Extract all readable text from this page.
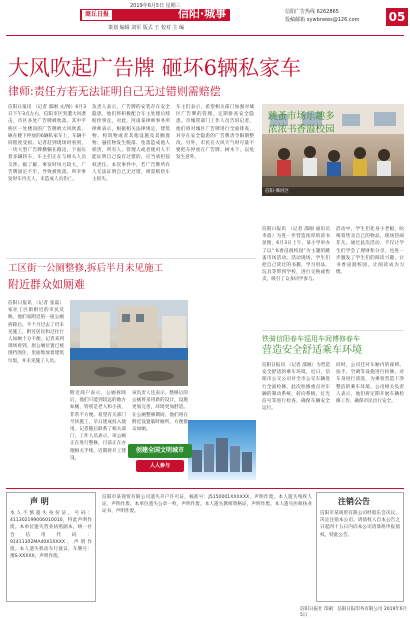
2019年6月5日 星期三
商丘日报	信阳·城事
策划 编辑 刘军 版式 王 校对 主 编
信阳广告热线 6262865
投稿邮箱 xywbnews@126.com 05
大风吹起广告牌 砸坏6辆私家车
律师:责任方若无法证明自己无过错则需赔偿
信阳日报讯 （记者 邵刚 文/图）6月3日下午3点左右，信阳市区突遭大风袭击，市区多处广告牌被吹落。其中平桥区一处楼顶的广告牌被大风吹落，砸在楼下停放的6辆私家车上，车辆不同程度受损。记者赶到现场时看到，一块大型广告牌横躺在路边，下面压着多辆轿车，车主们正在与相关人员交涉。据了解，事发时风力较大，广告牌固定不牢，导致被吹落。所幸事发时车内无人，未造成人员伤亡。
负责人表示，广告牌的安装存在安全隐患，他们将积极配合车主处理后续赔偿事宜。对此，河南某律师事务所律师表示，根据相关法律规定，建筑物、构筑物或者其他设施及其搁置物、悬挂物发生脱落、坠落造成他人损害，所有人、管理人或者使用人不能证明自己没有过错的，应当承担侵权责任。本次事件中，若广告牌所有人无法证明自己无过错，则需赔偿车主损失。
车主们表示，希望相关部门加强对城区广告牌的管理，定期排查安全隐患。市城管部门工作人员告诉记者，他们将对城区广告牌进行全面排查，对存在安全隐患的广告牌责令限期整改。另外，市民在大风天气时尽量不要把车停放在广告牌、树木下，以免发生意外。
信阳·浉河区
跳蚤市场乐趣多
浓浓书香溢校园
信阳日报讯 （记者 邵刚 通讯员 李晨）为进一步营造浓厚的读书氛围，6月3日上午，某小学举办了以“书香浸润校园”为主题的跳蚤市场活动。活动现场，学生们把自己读过的书籍、学习用品、玩具等带到学校，进行交换或售卖，吸引了众多同学参与。
活动中，学生们化身小老板，吆喝着售卖自己的物品，现场热闹非凡。通过此次活动，不仅让学生们学会了理财和分享，也进一步激发了学生们的阅读兴趣，让书香浸润校园，让阅读成为习惯。
工区街一公厕整修,拆后半月未见施工
附近群众如厕难
信阳日报讯 （记者 张磊）家住工区街附近的市民反映，他们家附近的一座公厕拆除后，半个月过去了仍未见施工，附近居民和过往行人如厕十分不便。记者来到现场看到，原公厕位置已被围挡围住，里面堆放着建筑垃圾，并未见施工人员。
附近商户表示，公厕拆除后，他们只能到较远的地方如厕，特别是老人和小孩，非常不方便。希望有关部门尽快施工，早日建成投入使用。记者随后联系了相关部门，工作人员表示，该公厕正在进行整修，目前正在办理相关手续，近期将开工建设。
该负责人还表示，整修后的公厕将采用新的设计，设施更加完善，环境更加舒适。在公厕整修期间，他们将在附近设置临时厕所，方便群众如厕。
创建全国文明城市
人人参与
铁骑信阳春车巡用车间博修春车
营造安全舒适乘车环境
信阳日报讯 （记者 邵刚）为营造安全舒适的乘车环境，近日，信阳市公交公司对全市公交车辆进行全面检修。此次检修重点对车辆的制动系统、转向系统、灯光信号等进行检查，确保车辆安全运行。
同时，公司还对车厢内的座椅、扶手、空调等设施进行检修，对车身进行清洗，为乘客营造干净整洁的乘车环境。公司相关负责人表示，他们将定期开展车辆检修工作，确保市民出行安全。
声 明
本人不慎遗失身份证，号码：411302199006010010，特此声明作废。本单位遗失营业执照副本，统一社会信用代码：91411302MA40X1XXXX，声明作废。本人遗失机动车行驶证，车牌号：豫S·XXXXX，声明作废。
信阳市某商贸有限公司遗失开户许可证，核准号：J5150001XXXXXX，声明作废。本人遗失残疾人证，声明作废。本单位遗失公章一枚，声明作废。本人遗失教师资格证，声明作废。本人遗失医师执业证书，声明作废。
注销公告
信阳市某商贸有限公司经股东会决议，决定注销本公司。请债权人自本公告之日起四十五日内向本公司清算组申报债权。特此公告。
信阳日报社 印刷：信阳日报印务有限公司 2019年6月5日
